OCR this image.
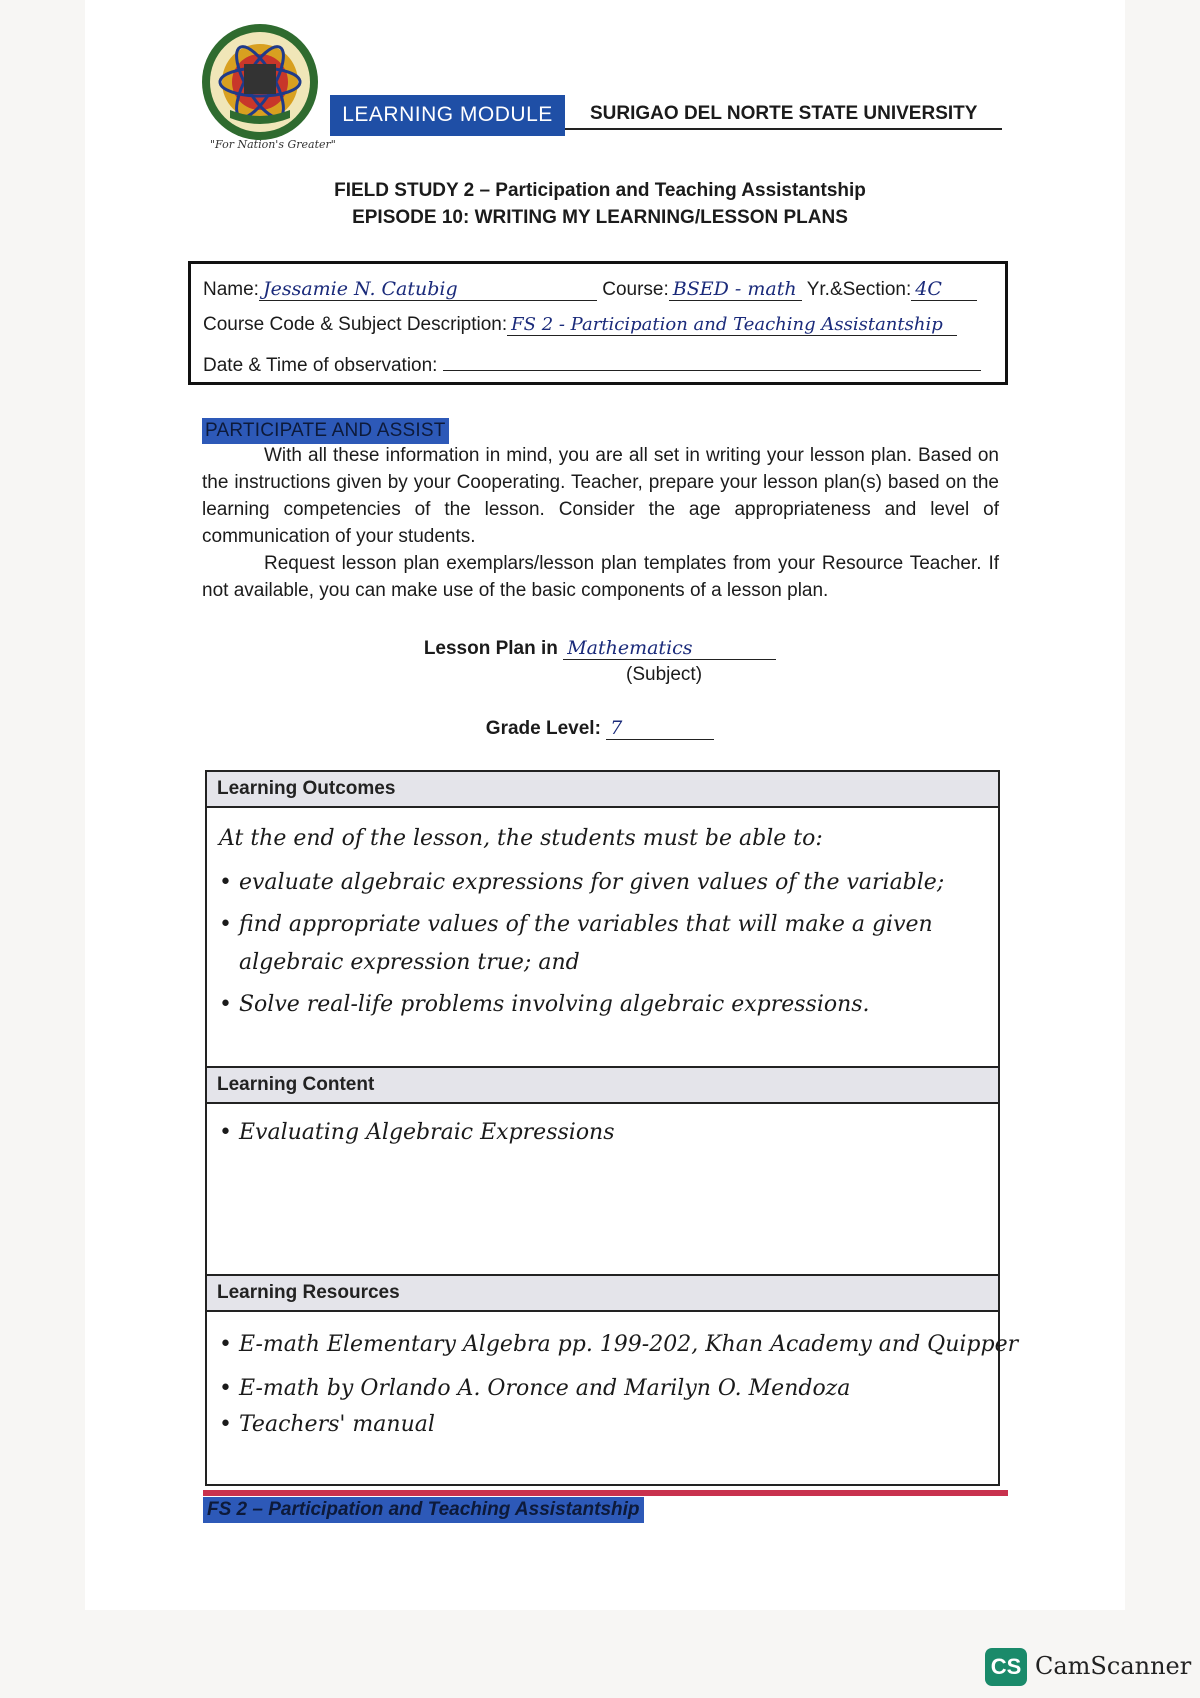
"For Nation's Greater"
LEARNING MODULE	SURIGAO DEL NORTE STATE UNIVERSITY
FIELD STUDY 2 – Participation and Teaching Assistantship
EPISODE 10: WRITING MY LEARNING/LESSON PLANS
Name: Jessamie N. Catubig	Course: BSED - math Yr.&Section: 4C
Course Code & Subject Description: FS 2 - Participation and Teaching Assistantship
Date & Time of observation:
PARTICIPATE AND ASSIST
With all these information in mind, you are all set in writing your lesson plan. Based on the instructions given by your Cooperating. Teacher, prepare your lesson plan(s) based on the learning competencies of the lesson. Consider the age appropriateness and level of communication of your students.
Request lesson plan exemplars/lesson plan templates from your Resource Teacher. If not available, you can make use of the basic components of a lesson plan.
Lesson Plan in Mathematics
(Subject)
Grade Level: 7
Learning Outcomes
At the end of the lesson, the students must be able to:
• evaluate algebraic expressions for given values of the variable;
• find appropriate values of the variables that will make a given
algebraic expression true; and
• Solve real-life problems involving algebraic expressions.
Learning Content
• Evaluating Algebraic Expressions
Learning Resources
• E-math Elementary Algebra pp. 199-202, Khan Academy and Quipper
• E-math by Orlando A. Oronce and Marilyn O. Mendoza
• Teachers' manual
FS 2 – Participation and Teaching Assistantship
CS CamScanner
